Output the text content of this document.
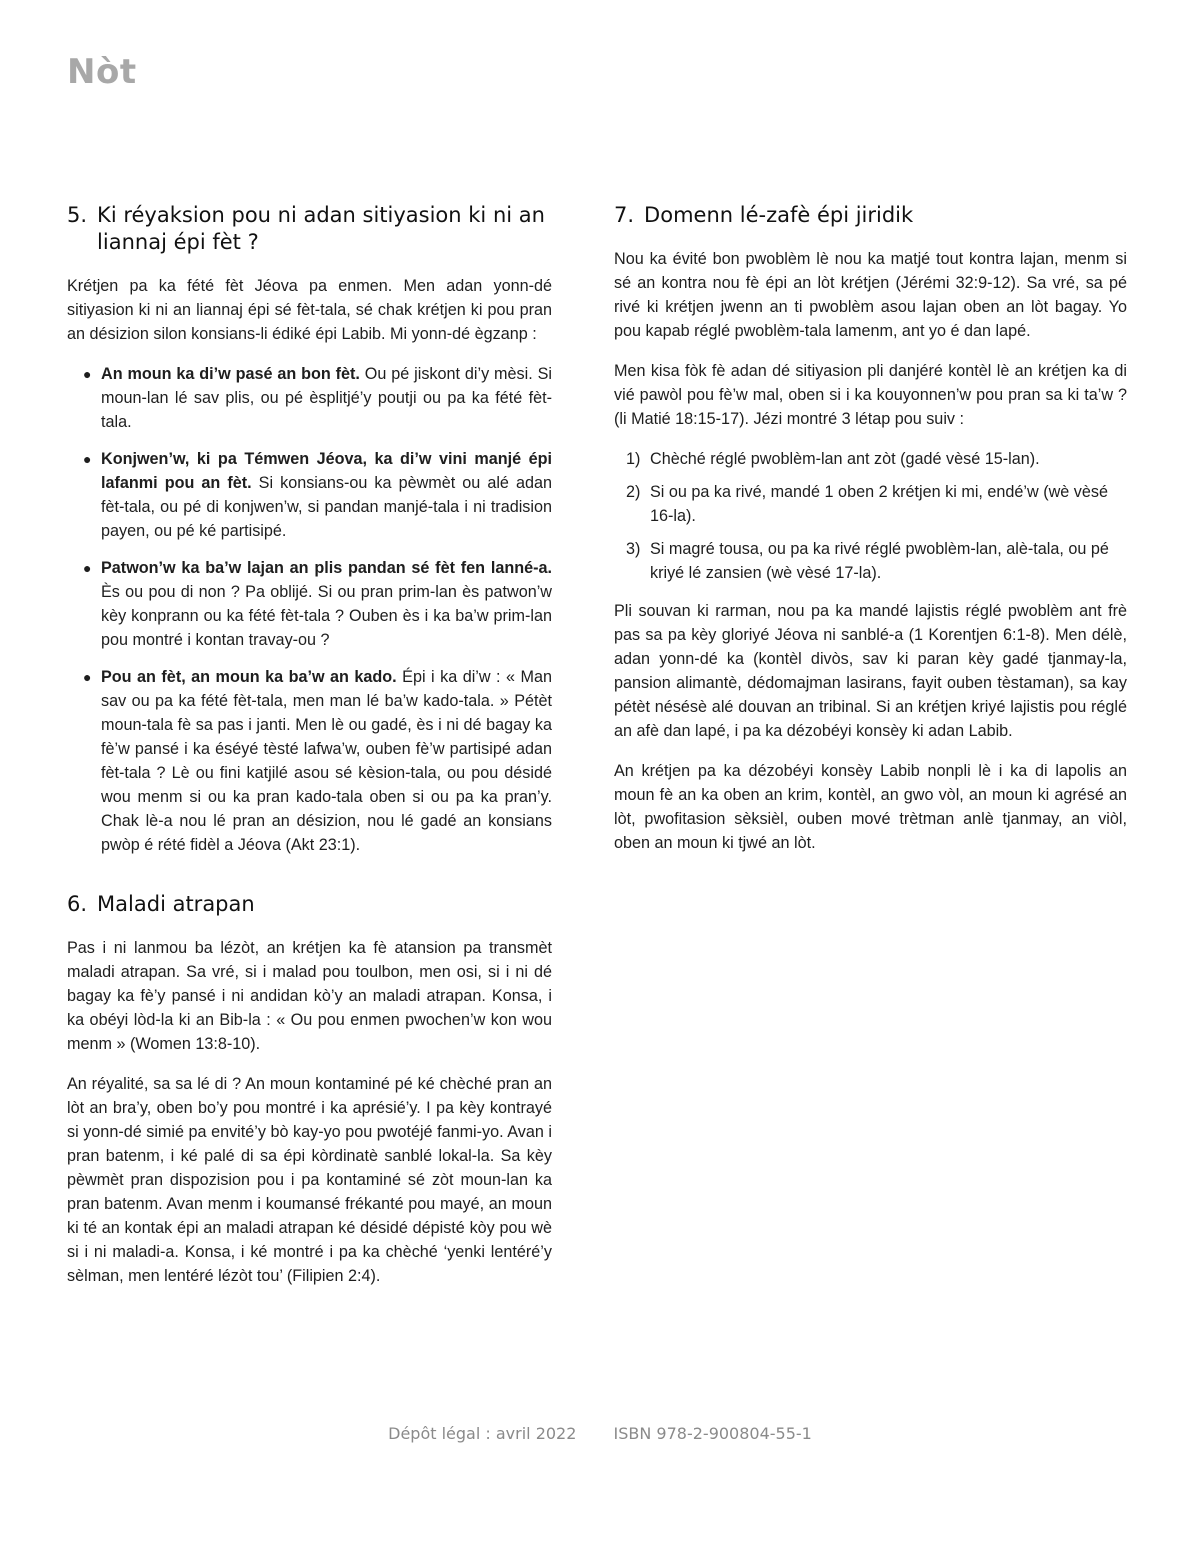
Nòt
5. Ki réyaksion pou ni adan sitiyasion ki ni an liannaj épi fèt ?

Krétjen pa ka fété fèt Jéova pa enmen. Men adan yonn-dé sitiyasion ki ni an liannaj épi sé fèt-tala, sé chak krétjen ki pou pran an désizion silon konsians-li édiké épi Labib. Mi yonn-dé ègzanp :

● An moun ka di’w pasé an bon fèt. Ou pé jiskont di’y mèsi. Si moun-lan lé sav plis, ou pé èsplitjé’y poutji ou pa ka fété fèt-tala.
● Konjwen’w, ki pa Témwen Jéova, ka di’w vini manjé épi lafanmi pou an fèt. Si konsians-ou ka pèwmèt ou alé adan fèt-tala, ou pé di konjwen’w, si pandan manjé-tala i ni tradision payen, ou pé ké partisipé.
● Patwon’w ka ba’w lajan an plis pandan sé fèt fen lanné-a. Ès ou pou di non ? Pa oblijé. Si ou pran prim-lan ès patwon’w kèy konprann ou ka fété fèt-tala ? Ouben ès i ka ba’w prim-lan pou montré i kontan travay-ou ?
● Pou an fèt, an moun ka ba’w an kado. Épi i ka di’w : « Man sav ou pa ka fété fèt-tala, men man lé ba’w kado-tala. » Pétèt moun-tala fè sa pas i janti. Men lè ou gadé, ès i ni dé bagay ka fè’w pansé i ka éséyé tèsté lafwa’w, ouben fè’w partisipé adan fèt-tala ? Lè ou fini katjilé asou sé kèsion-tala, ou pou désidé wou menm si ou ka pran kado-tala oben si ou pa ka pran’y. Chak lè-a nou lé pran an désizion, nou lé gadé an konsians pwòp é rété fidèl a Jéova (Akt 23:1).
6. Maladi atrapan

Pas i ni lanmou ba lézòt, an krétjen ka fè atansion pa transmèt maladi atrapan. Sa vré, si i malad pou toulbon, men osi, si i ni dé bagay ka fè’y pansé i ni andidan kò’y an maladi atrapan. Konsa, i ka obéyi lòd-la ki an Bib-la : « Ou pou enmen pwochen’w kon wou menm » (Women 13:8-10).

An réyalité, sa sa lé di ? An moun kontaminé pé ké chèché pran an lòt an bra’y, oben bo’y pou montré i ka aprésié’y. I pa kèy kontrayé si yonn-dé simié pa envité’y bò kay-yo pou pwotéjé fanmi-yo. Avan i pran batenm, i ké palé di sa épi kòrdinatè sanblé lokal-la. Sa kèy pèwmèt pran dispozision pou i pa kontaminé sé zòt moun-lan ka pran batenm. Avan menm i koumansé frékanté pou mayé, an moun ki té an kontak épi an maladi atrapan ké désidé dépisté kòy pou wè si i ni maladi-a. Konsa, i ké montré i pa ka chèché ‘yenki lentéré’y sèlman, men lentéré lézòt tou’ (Filipien 2:4).

7. Domenn lé-zafè épi jiridik

Nou ka évité bon pwoblèm lè nou ka matjé tout kontra lajan, menm si sé an kontra nou fè épi an lòt krétjen (Jérémi 32:9-12). Sa vré, sa pé rivé ki krétjen jwenn an ti pwoblèm asou lajan oben an lòt bagay. Yo pou kapab réglé pwoblèm-tala lamenm, ant yo é dan lapé.

Men kisa fòk fè adan dé sitiyasion pli danjéré kontèl lè an krétjen ka di vié pawòl pou fè’w mal, oben si i ka kouyonnen’w pou pran sa ki ta’w ? (li Matié 18:15-17). Jézi montré 3 létap pou suiv :

1) Chèché réglé pwoblèm-lan ant zòt (gadé vèsé 15-lan).
2) Si ou pa ka rivé, mandé 1 oben 2 krétjen ki mi, endé’w (wè vèsé 16-la).
3) Si magré tousa, ou pa ka rivé réglé pwoblèm-lan, alè-tala, ou pé kriyé lé zansien (wè vèsé 17-la).

Pli souvan ki rarman, nou pa ka mandé lajistis réglé pwoblèm ant frè pas sa pa kèy gloriyé Jéova ni sanblé-a (1 Korentjen 6:1-8). Men délè, adan yonn-dé ka (kontèl divòs, sav ki paran kèy gadé tjanmay-la, pansion alimantè, dédomajman lasirans, fayit ouben tèstaman), sa kay pétèt nésésè alé douvan an tribinal. Si an krétjen kriyé lajistis pou réglé an afè dan lapé, i pa ka dézobéyi konsèy ki adan Labib.

An krétjen pa ka dézobéyi konsèy Labib nonpli lè i ka di lapolis an moun fè an ka oben an krim, kontèl, an gwo vòl, an moun ki agrésé an lòt, pwofitasion sèksièl, ouben mové trètman anlè tjanmay, an viòl, oben an moun ki tjwé an lòt.

Dépôt légal : avril 2022 ISBN 978-2-900804-55-1
